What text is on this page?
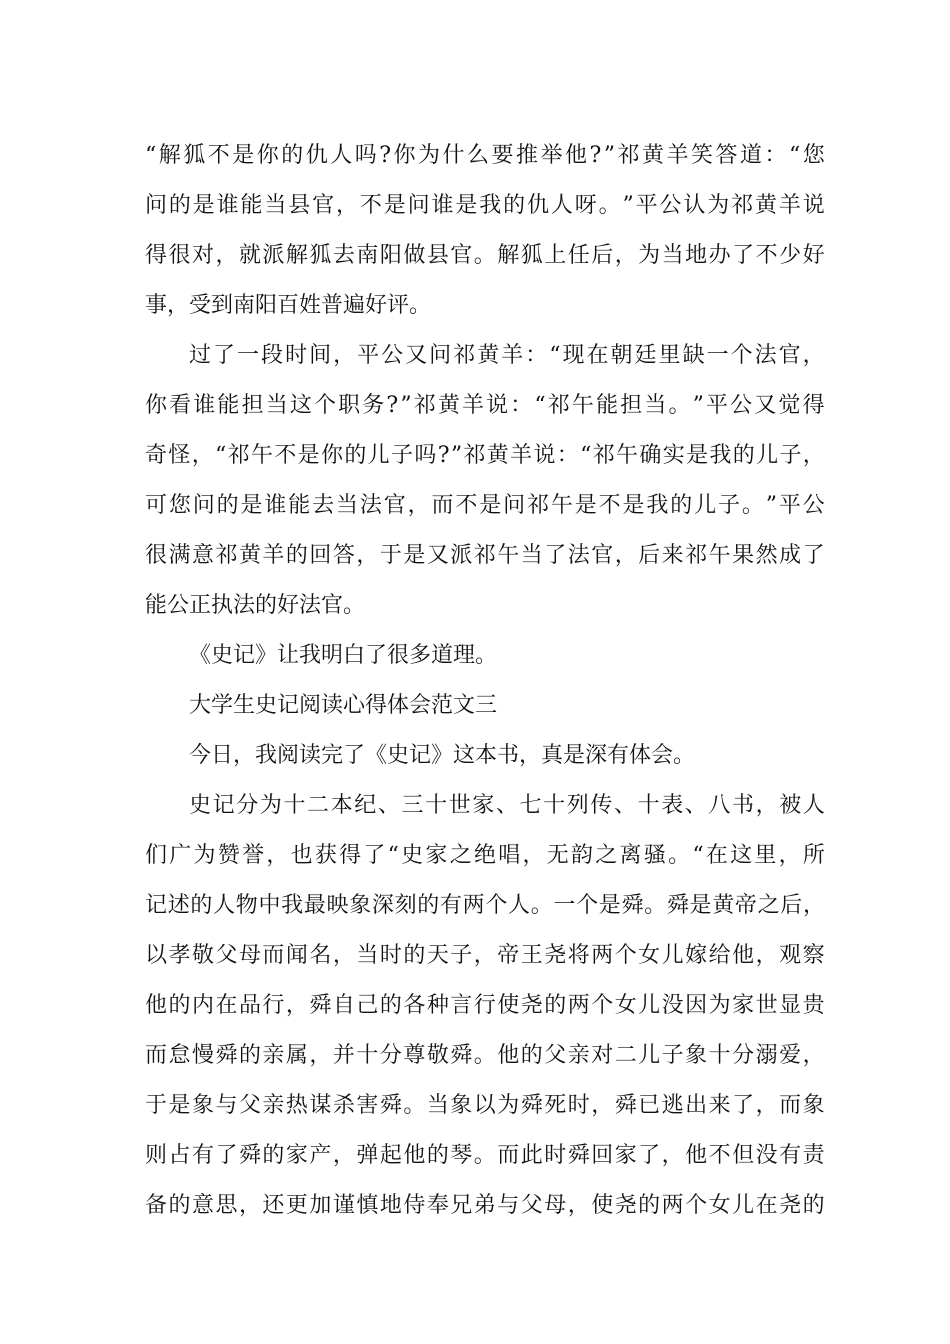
“ 解 狐 不 是 你 的 仇 人 吗 ? 你 为 什 么 要 推 举 他 ? ” 祁 黄 羊 笑 答 道 ： “ 您
问 的 是 谁 能 当 县 官 ， 不 是 问 谁 是 我 的 仇 人 呀 。 ” 平 公 认 为 祁 黄 羊 说
得 很 对 ， 就 派 解 狐 去 南 阳 做 县 官 。 解 狐 上 任 后 ， 为 当 地 办 了 不 少 好
事，受到南阳百姓普遍好评。
过 了 一 段 时 间 ， 平 公 又 问 祁 黄 羊 ： “ 现 在 朝 廷 里 缺 一 个 法 官 ，
你 看 谁 能 担 当 这 个 职 务 ? ” 祁 黄 羊 说 ： “ 祁 午 能 担 当 。 ” 平 公 又 觉 得
奇 怪 ， “ 祁 午 不 是 你 的 儿 子 吗 ? ” 祁 黄 羊 说 ： “ 祁 午 确 实 是 我 的 儿 子 ，
可 您 问 的 是 谁 能 去 当 法 官 ， 而 不 是 问 祁 午 是 不 是 我 的 儿 子 。 ” 平 公
很 满 意 祁 黄 羊 的 回 答 ， 于 是 又 派 祁 午 当 了 法 官 ， 后 来 祁 午 果 然 成 了
能公正执法的好法官。
《史记》让我明白了很多道理。
大学生史记阅读心得体会范文三
今日，我阅读完了《史记》这本书，真是深有体会。
史 记 分 为 十 二 本 纪 、 三 十 世 家 、 七 十 列 传 、 十 表 、 八 书 ， 被 人
们 广 为 赞 誉 ， 也 获 得 了 “ 史 家 之 绝 唱 ， 无 韵 之 离 骚 。 “ 在 这 里 ， 所
记 述 的 人 物 中 我 最 映 象 深 刻 的 有 两 个 人 。 一 个 是 舜 。 舜 是 黄 帝 之 后 ，
以 孝 敬 父 母 而 闻 名 ， 当 时 的 天 子 ， 帝 王 尧 将 两 个 女 儿 嫁 给 他 ， 观 察
他 的 内 在 品 行 ， 舜 自 己 的 各 种 言 行 使 尧 的 两 个 女 儿 没 因 为 家 世 显 贵
而 怠 慢 舜 的 亲 属 ， 并 十 分 尊 敬 舜 。 他 的 父 亲 对 二 儿 子 象 十 分 溺 爱 ，
于 是 象 与 父 亲 热 谋 杀 害 舜 。 当 象 以 为 舜 死 时 ， 舜 已 逃 出 来 了 ， 而 象
则 占 有 了 舜 的 家 产 ， 弹 起 他 的 琴 。 而 此 时 舜 回 家 了 ， 他 不 但 没 有 责
备 的 意 思 ， 还 更 加 谨 慎 地 侍 奉 兄 弟 与 父 母 ， 使 尧 的 两 个 女 儿 在 尧 的
